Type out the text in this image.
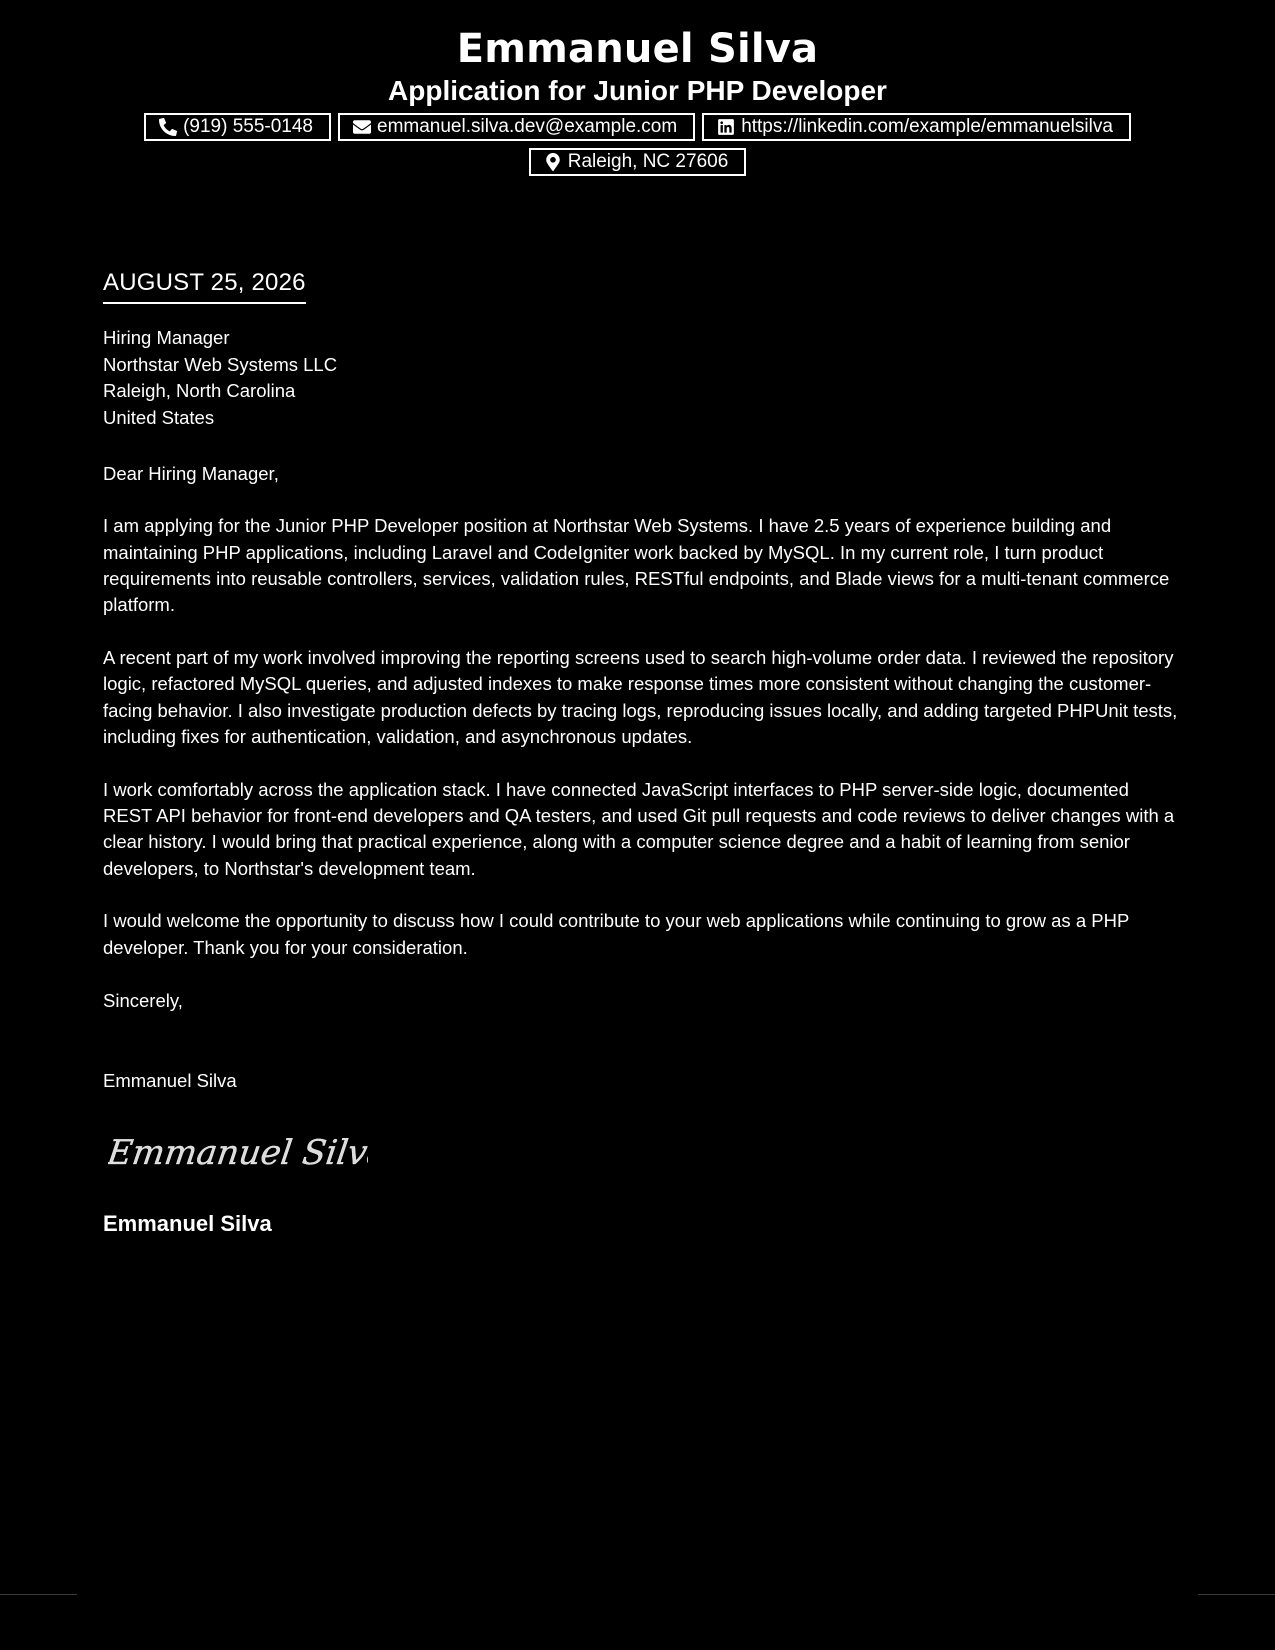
Emmanuel Silva
Application for Junior PHP Developer
(919) 555-0148	emmanuel.silva.dev@example.com	https://linkedin.com/example/emmanuelsilva
Raleigh, NC 27606
AUGUST 25, 2026
Hiring Manager
Northstar Web Systems LLC
Raleigh, North Carolina
United States

Dear Hiring Manager,

I am applying for the Junior PHP Developer position at Northstar Web Systems. I have 2.5 years of experience building and maintaining PHP applications, including Laravel and CodeIgniter work backed by MySQL. In my current role, I turn product requirements into reusable controllers, services, validation rules, RESTful endpoints, and Blade views for a multi-tenant commerce platform.

A recent part of my work involved improving the reporting screens used to search high-volume order data. I reviewed the repository logic, refactored MySQL queries, and adjusted indexes to make response times more consistent without changing the customer-facing behavior. I also investigate production defects by tracing logs, reproducing issues locally, and adding targeted PHPUnit tests, including fixes for authentication, validation, and asynchronous updates.

I work comfortably across the application stack. I have connected JavaScript interfaces to PHP server-side logic, documented REST API behavior for front-end developers and QA testers, and used Git pull requests and code reviews to deliver changes with a clear history. I would bring that practical experience, along with a computer science degree and a habit of learning from senior developers, to Northstar's development team.

I would welcome the opportunity to discuss how I could contribute to your web applications while continuing to grow as a PHP developer. Thank you for your consideration.

Sincerely,
Emmanuel Silva
Emmanuel Silva
Emmanuel Silva
